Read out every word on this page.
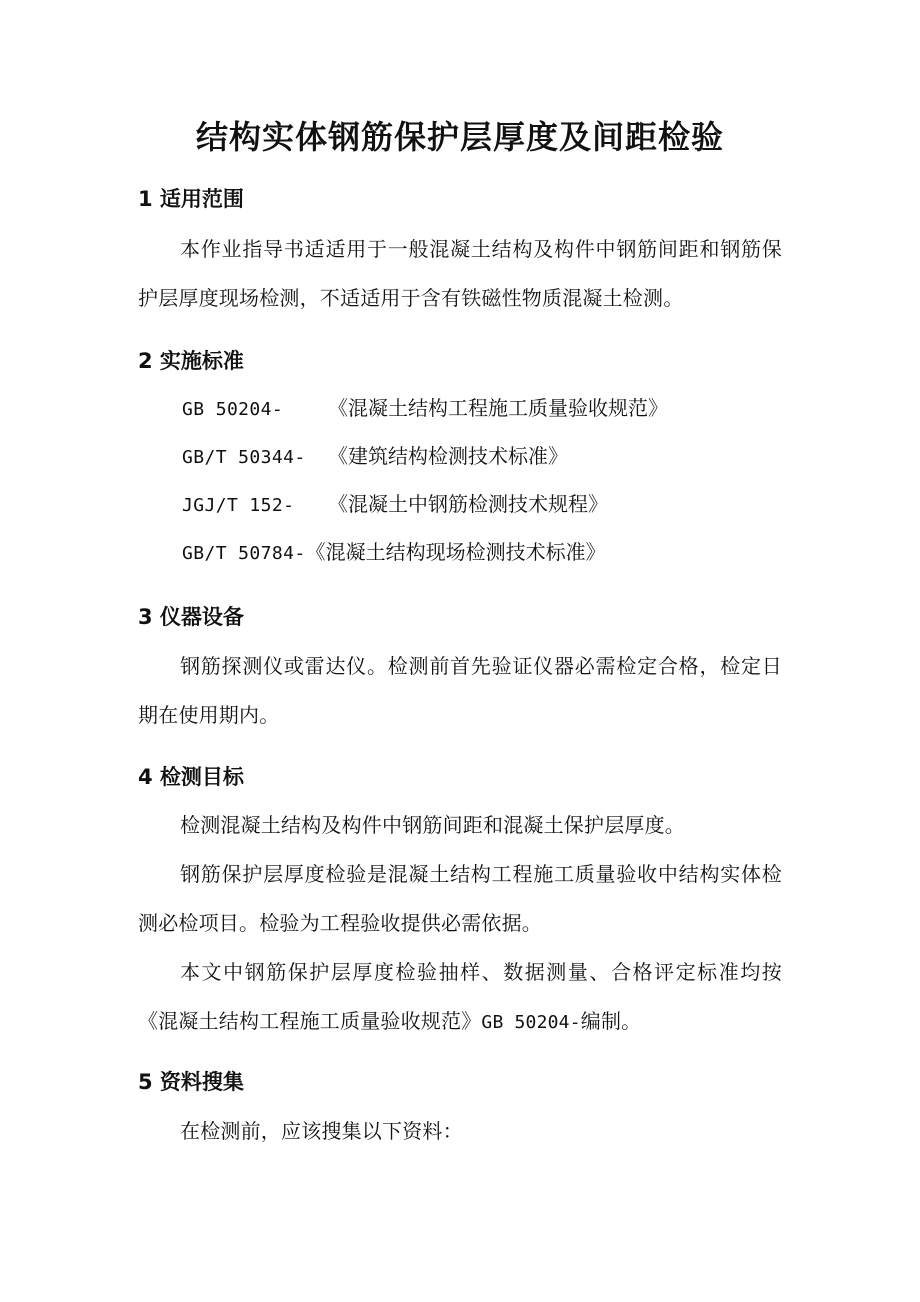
结构实体钢筋保护层厚度及间距检验
1 适用范围
本作业指导书适适用于一般混凝土结构及构件中钢筋间距和钢筋保护层厚度现场检测，不适适用于含有铁磁性物质混凝土检测。
2 实施标准
GB 50204- 《混凝土结构工程施工质量验收规范》
GB/T 50344- 《建筑结构检测技术标准》
JGJ/T 152- 《混凝土中钢筋检测技术规程》
GB/T 50784-《混凝土结构现场检测技术标准》
3 仪器设备
钢筋探测仪或雷达仪。检测前首先验证仪器必需检定合格，检定日期在使用期内。
4 检测目标
检测混凝土结构及构件中钢筋间距和混凝土保护层厚度。
钢筋保护层厚度检验是混凝土结构工程施工质量验收中结构实体检测必检项目。检验为工程验收提供必需依据。
本文中钢筋保护层厚度检验抽样、数据测量、合格评定标准均按《混凝土结构工程施工质量验收规范》GB 50204-编制。
5 资料搜集
在检测前，应该搜集以下资料：
